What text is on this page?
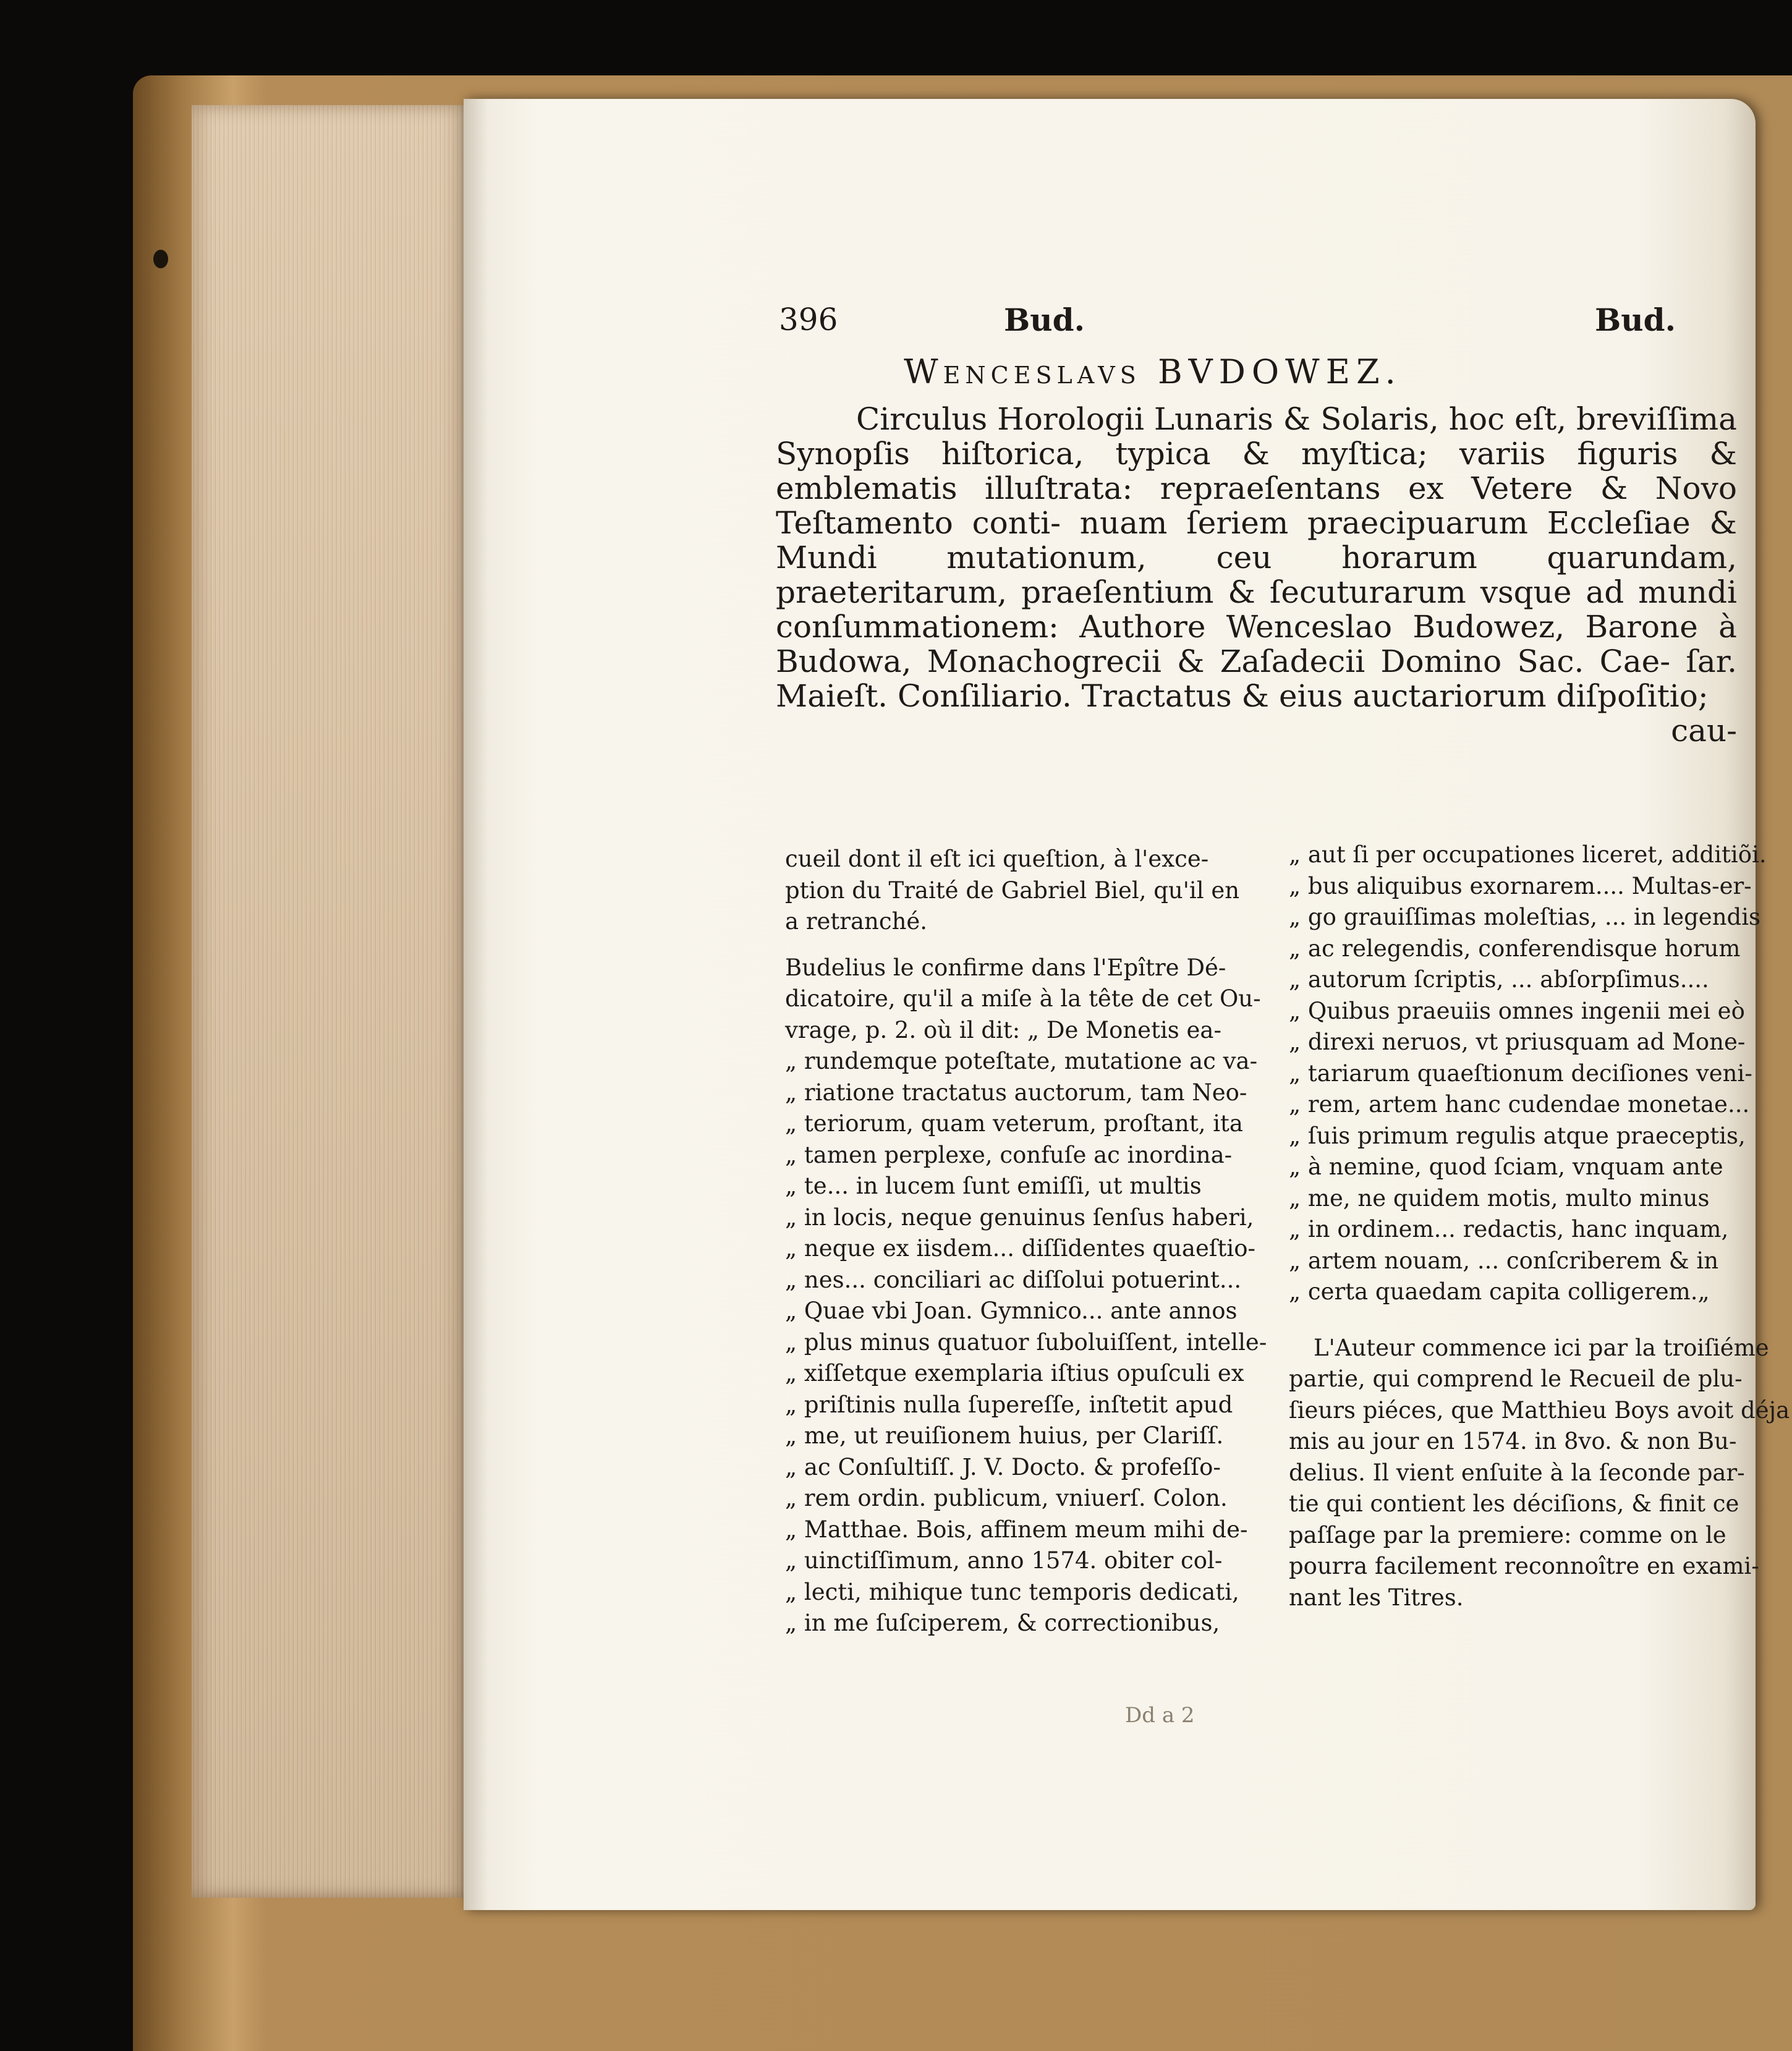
396	Bud.	Bud.
Wenceslavs BVDOWEZ.
Circulus Horologii Lunaris & Solaris, hoc eſt, breviſſima Synopſis hiſtorica, typica & myſtica; variis figuris & emblematis illuſtrata: repraeſentans ex Vetere & Novo Teſtamento conti- nuam ſeriem praecipuarum Eccleſiae & Mundi mutationum, ceu horarum quarundam, praeteritarum, praeſentium & ſecuturarum vsque ad mundi conſummationem: Authore Wenceslao Budowez, Barone à Budowa, Monachogrecii & Zaſadecii Domino Sac. Cae- ſar. Maieſt. Conſiliario. Tractatus & eius auctariorum diſpoſitio;
cau-

cueil dont il eſt ici queſtion, à l'exce-
ption du Traité de Gabriel Biel, qu'il en
a retranché.

Budelius le confirme dans l'Epître Dé-
dicatoire, qu'il a miſe à la tête de cet Ou-
vrage, p. 2. où il dit: „ De Monetis ea-
„ rundemque poteſtate, mutatione ac va-
„ riatione tractatus auctorum, tam Neo-
„ teriorum, quam veterum, proſtant, ita
„ tamen perplexe, confuſe ac inordina-
„ te... in lucem ſunt emiſſi, ut multis
„ in locis, neque genuinus ſenſus haberi,
„ neque ex iisdem... diſſidentes quaeſtio-
„ nes... conciliari ac diſſolui potuerint...
„ Quae vbi Joan. Gymnico... ante annos
„ plus minus quatuor ſuboluiſſent, intelle-
„ xiſſetque exemplaria iſtius opuſculi ex
„ priſtinis nulla ſupereſſe, inſtetit apud
„ me, ut reuiſionem huius, per Clariſſ.
„ ac Conſultiſſ. J. V. Docto. & profeſſo-
„ rem ordin. publicum, vniuerſ. Colon.
„ Matthae. Bois, affinem meum mihi de-
„ uinctiſſimum, anno 1574. obiter col-
„ lecti, mihique tunc temporis dedicati,
„ in me ſuſciperem, & correctionibus,

„ aut ſi per occupationes liceret, additiõi.
„ bus aliquibus exornarem.... Multas-er-
„ go grauiſſimas moleſtias, ... in legendis
„ ac relegendis, conferendisque horum
„ autorum ſcriptis, ... abſorpſimus....
„ Quibus praeuiis omnes ingenii mei eò
„ direxi neruos, vt priusquam ad Mone-
„ tariarum quaeſtionum deciſiones veni-
„ rem, artem hanc cudendae monetae...
„ ſuis primum regulis atque praeceptis,
„ à nemine, quod ſciam, vnquam ante
„ me, ne quidem motis, multo minus
„ in ordinem... redactis, hanc inquam,
„ artem nouam, ... conſcriberem & in
„ certa quaedam capita colligerem.„

L'Auteur commence ici par la troiſiéme
partie, qui comprend le Recueil de plu-
ſieurs piéces, que Matthieu Boys avoit déja
mis au jour en 1574. in 8vo. & non Bu-
delius. Il vient enſuite à la ſeconde par-
tie qui contient les déciſions, & finit ce
paſſage par la premiere: comme on le
pourra facilement reconnoître en exami-
nant les Titres.

Dd a 2
